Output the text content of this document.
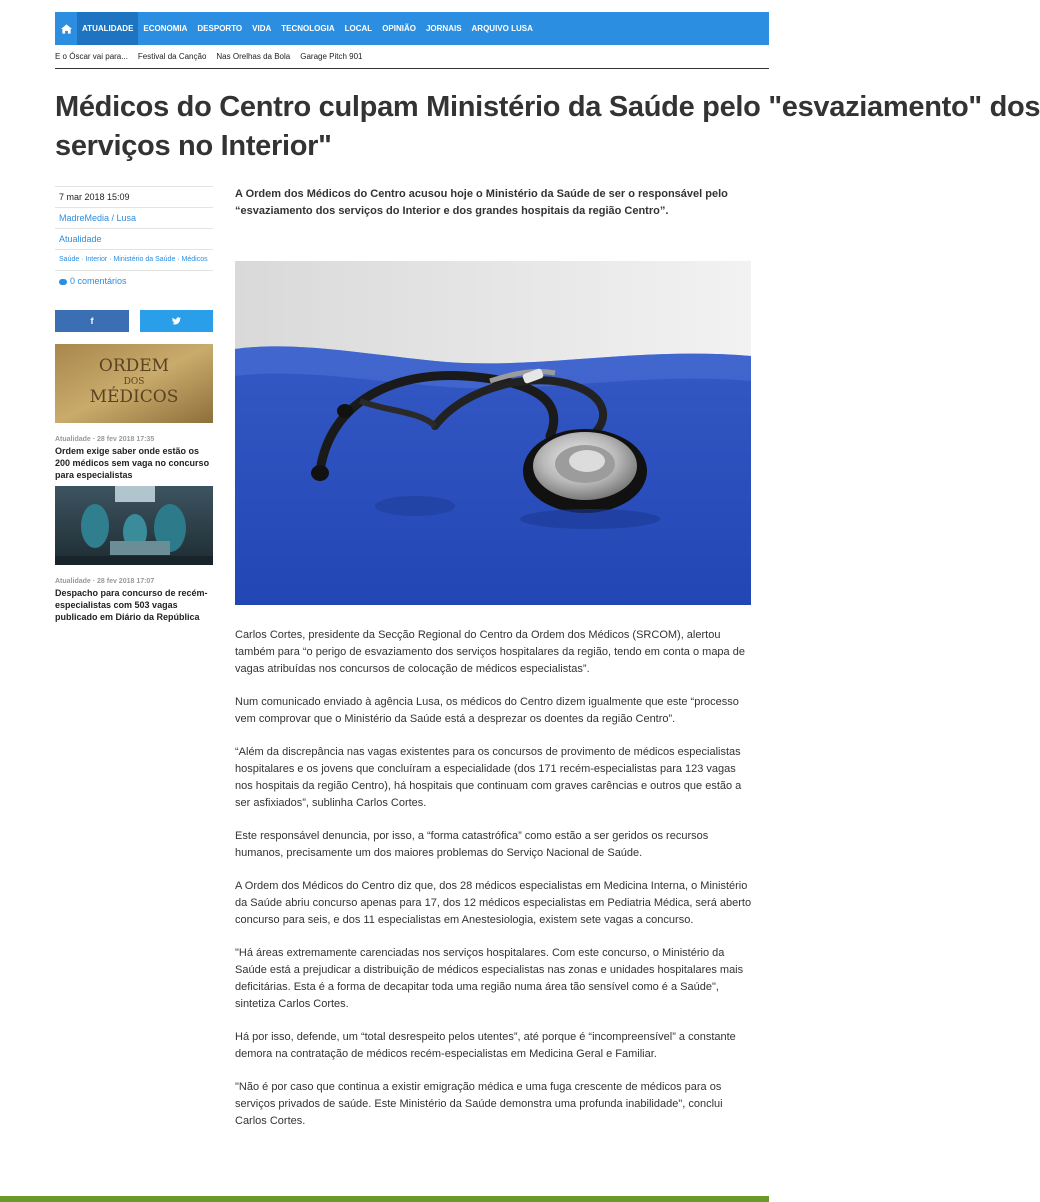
ATUALIDADE	ECONOMIA	DESPORTO	VIDA	TECNOLOGIA	LOCAL	OPINIÃO	JORNAIS	ARQUIVO LUSA
E o Óscar vai para... Festival da Canção Nas Orelhas da Bola Garage Pitch 901
Médicos do Centro culpam Ministério da Saúde pelo "esvaziamento" dos
serviços no Interior"
7 mar 2018 15:09
MadreMedia / Lusa
Atualidade
Saúde · Interior · Ministério da Saúde · Médicos
0 comentários
f
ORDEM
DOS
MÉDICOS
Atualidade · 28 fev 2018 17:35
Ordem exige saber onde estão os 200 médicos sem vaga no concurso para especialistas
Atualidade · 28 fev 2018 17:07
Despacho para concurso de recém-especialistas com 503 vagas publicado em Diário da República
A Ordem dos Médicos do Centro acusou hoje o Ministério da Saúde de ser o responsável pelo “esvaziamento dos serviços do Interior e dos grandes hospitais da região Centro”.

Carlos Cortes, presidente da Secção Regional do Centro da Ordem dos Médicos (SRCOM), alertou também para “o perigo de esvaziamento dos serviços hospitalares da região, tendo em conta o mapa de vagas atribuídas nos concursos de colocação de médicos especialistas”.

Num comunicado enviado à agência Lusa, os médicos do Centro dizem igualmente que este “processo vem comprovar que o Ministério da Saúde está a desprezar os doentes da região Centro”.

“Além da discrepância nas vagas existentes para os concursos de provimento de médicos especialistas hospitalares e os jovens que concluíram a especialidade (dos 171 recém-especialistas para 123 vagas nos hospitais da região Centro), há hospitais que continuam com graves carências e outros que estão a ser asfixiados”, sublinha Carlos Cortes.

Este responsável denuncia, por isso, a “forma catastrófica” como estão a ser geridos os recursos humanos, precisamente um dos maiores problemas do Serviço Nacional de Saúde.

A Ordem dos Médicos do Centro diz que, dos 28 médicos especialistas em Medicina Interna, o Ministério da Saúde abriu concurso apenas para 17, dos 12 médicos especialistas em Pediatria Médica, será aberto concurso para seis, e dos 11 especialistas em Anestesiologia, existem sete vagas a concurso.

"Há áreas extremamente carenciadas nos serviços hospitalares. Com este concurso, o Ministério da Saúde está a prejudicar a distribuição de médicos especialistas nas zonas e unidades hospitalares mais deficitárias. Esta é a forma de decapitar toda uma região numa área tão sensível como é a Saúde", sintetiza Carlos Cortes.

Há por isso, defende, um “total desrespeito pelos utentes”, até porque é “incompreensível” a constante demora na contratação de médicos recém-especialistas em Medicina Geral e Familiar.

"Não é por caso que continua a existir emigração médica e uma fuga crescente de médicos para os serviços privados de saúde. Este Ministério da Saúde demonstra uma profunda inabilidade", conclui Carlos Cortes.
